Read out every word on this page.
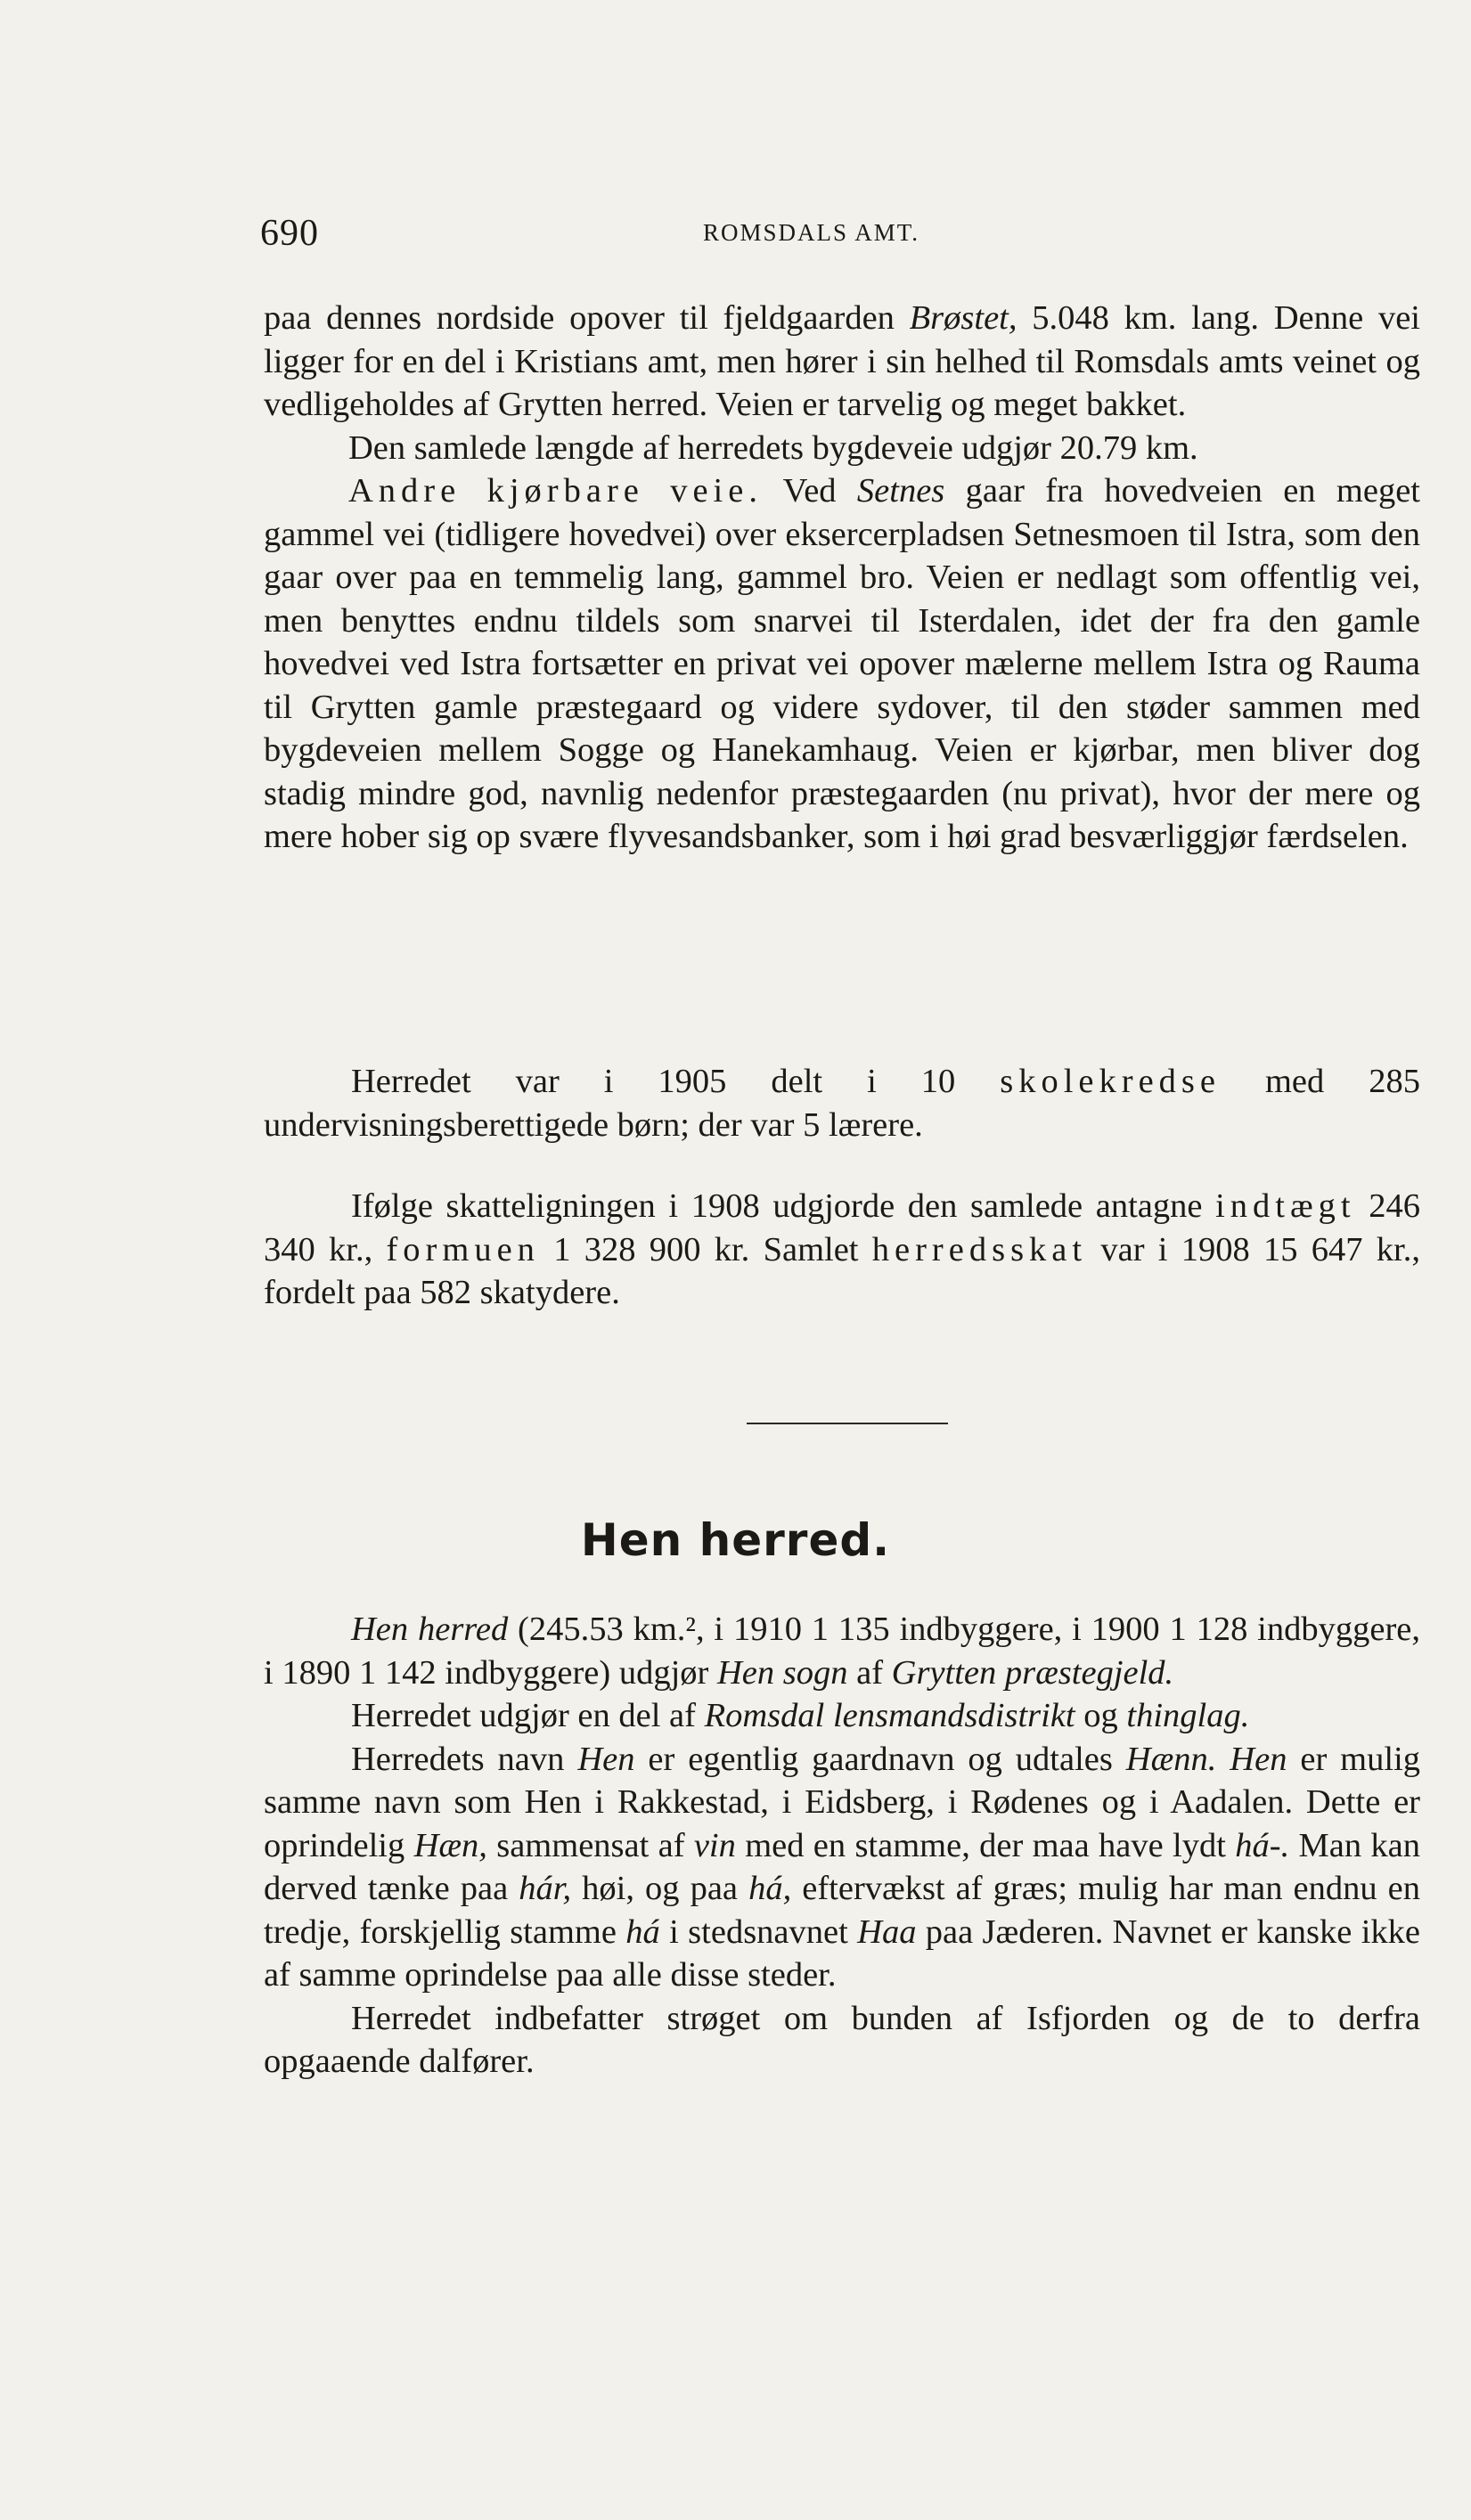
690	ROMSDALS AMT.

paa dennes nordside opover til fjeldgaarden Brøstet, 5.048 km. lang. Denne vei ligger for en del i Kristians amt, men hører i sin helhed til Romsdals amts veinet og vedligeholdes af Grytten herred. Veien er tarvelig og meget bakket.

Den samlede længde af herredets bygdeveie udgjør 20.79 km.

Andre kjørbare veie. Ved Setnes gaar fra hovedveien en meget gammel vei (tidligere hovedvei) over eksercerpladsen Setnesmoen til Istra, som den gaar over paa en temmelig lang, gammel bro. Veien er nedlagt som offentlig vei, men benyttes endnu tildels som snarvei til Isterdalen, idet der fra den gamle hovedvei ved Istra fortsætter en privat vei opover mælerne mellem Istra og Rauma til Grytten gamle præstegaard og videre sydover, til den støder sammen med bygdeveien mellem Sogge og Hanekamhaug. Veien er kjørbar, men bliver dog stadig mindre god, navnlig nedenfor præstegaarden (nu privat), hvor der mere og mere hober sig op svære flyvesandsbanker, som i høi grad besværliggjør færdselen.

Herredet var i 1905 delt i 10 skolekredse med 285 undervisningsberettigede børn; der var 5 lærere.

Ifølge skatteligningen i 1908 udgjorde den samlede antagne indtægt 246 340 kr., formuen 1 328 900 kr. Samlet herredsskat var i 1908 15 647 kr., fordelt paa 582 skatydere.

Hen herred.

Hen herred (245.53 km.², i 1910 1 135 indbyggere, i 1900 1 128 indbyggere, i 1890 1 142 indbyggere) udgjør Hen sogn af Grytten præstegjeld.

Herredet udgjør en del af Romsdal lensmandsdistrikt og thinglag.

Herredets navn Hen er egentlig gaardnavn og udtales Hænn. Hen er mulig samme navn som Hen i Rakkestad, i Eidsberg, i Rødenes og i Aadalen. Dette er oprindelig Hæn, sammensat af vin med en stamme, der maa have lydt há-. Man kan derved tænke paa hár, høi, og paa há, eftervækst af græs; mulig har man endnu en tredje, forskjellig stamme há i stedsnavnet Haa paa Jæderen. Navnet er kanske ikke af samme oprindelse paa alle disse steder.

Herredet indbefatter strøget om bunden af Isfjorden og de to derfra opgaaende dalfører.
